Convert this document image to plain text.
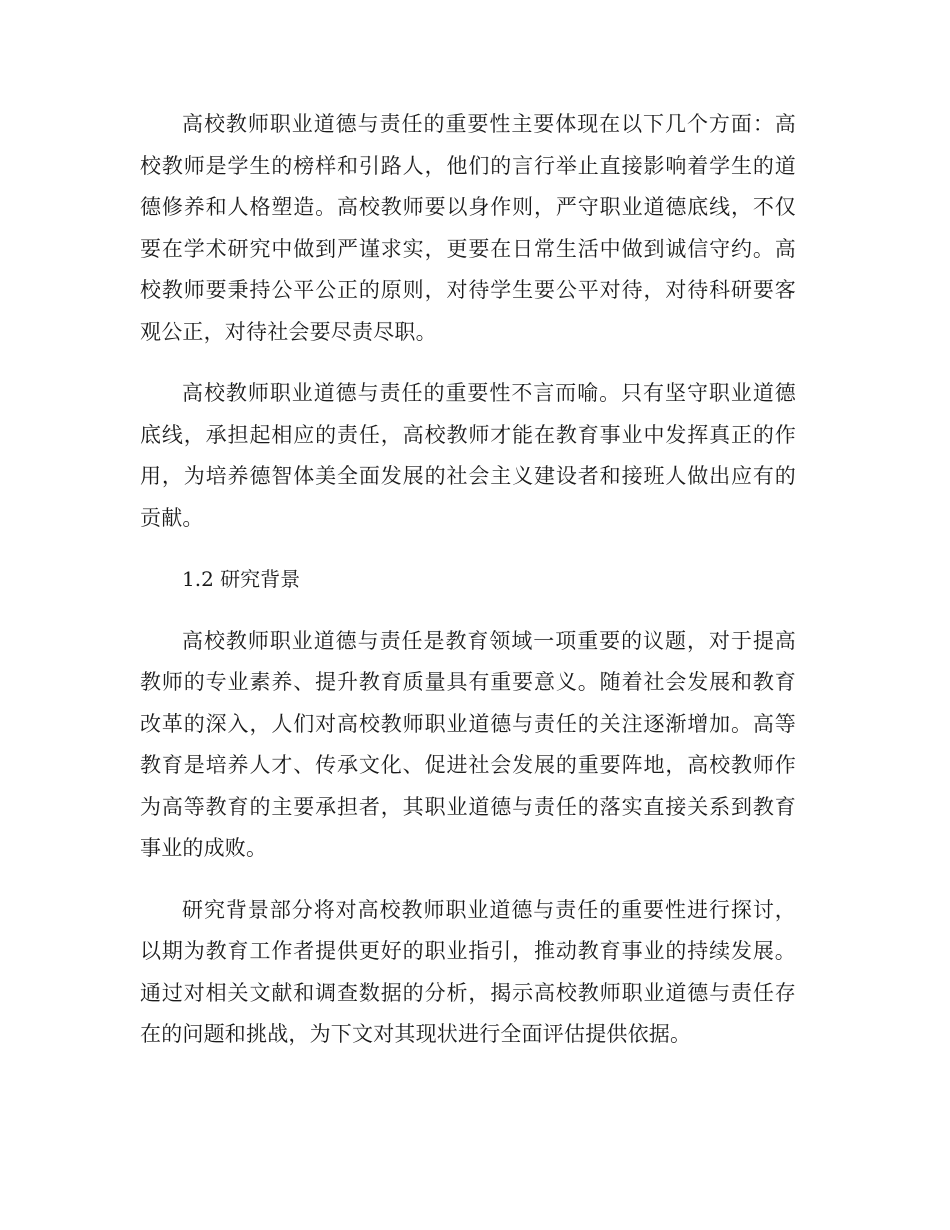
高校教师职业道德与责任的重要性主要体现在以下几个方面：高校教师是学生的榜样和引路人，他们的言行举止直接影响着学生的道德修养和人格塑造。高校教师要以身作则，严守职业道德底线，不仅要在学术研究中做到严谨求实，更要在日常生活中做到诚信守约。高校教师要秉持公平公正的原则，对待学生要公平对待，对待科研要客观公正，对待社会要尽责尽职。

高校教师职业道德与责任的重要性不言而喻。只有坚守职业道德底线，承担起相应的责任，高校教师才能在教育事业中发挥真正的作用，为培养德智体美全面发展的社会主义建设者和接班人做出应有的贡献。

1.2 研究背景

高校教师职业道德与责任是教育领域一项重要的议题，对于提高教师的专业素养、提升教育质量具有重要意义。随着社会发展和教育改革的深入，人们对高校教师职业道德与责任的关注逐渐增加。高等教育是培养人才、传承文化、促进社会发展的重要阵地，高校教师作为高等教育的主要承担者，其职业道德与责任的落实直接关系到教育事业的成败。

研究背景部分将对高校教师职业道德与责任的重要性进行探讨，以期为教育工作者提供更好的职业指引，推动教育事业的持续发展。通过对相关文献和调查数据的分析，揭示高校教师职业道德与责任存在的问题和挑战，为下文对其现状进行全面评估提供依据。
